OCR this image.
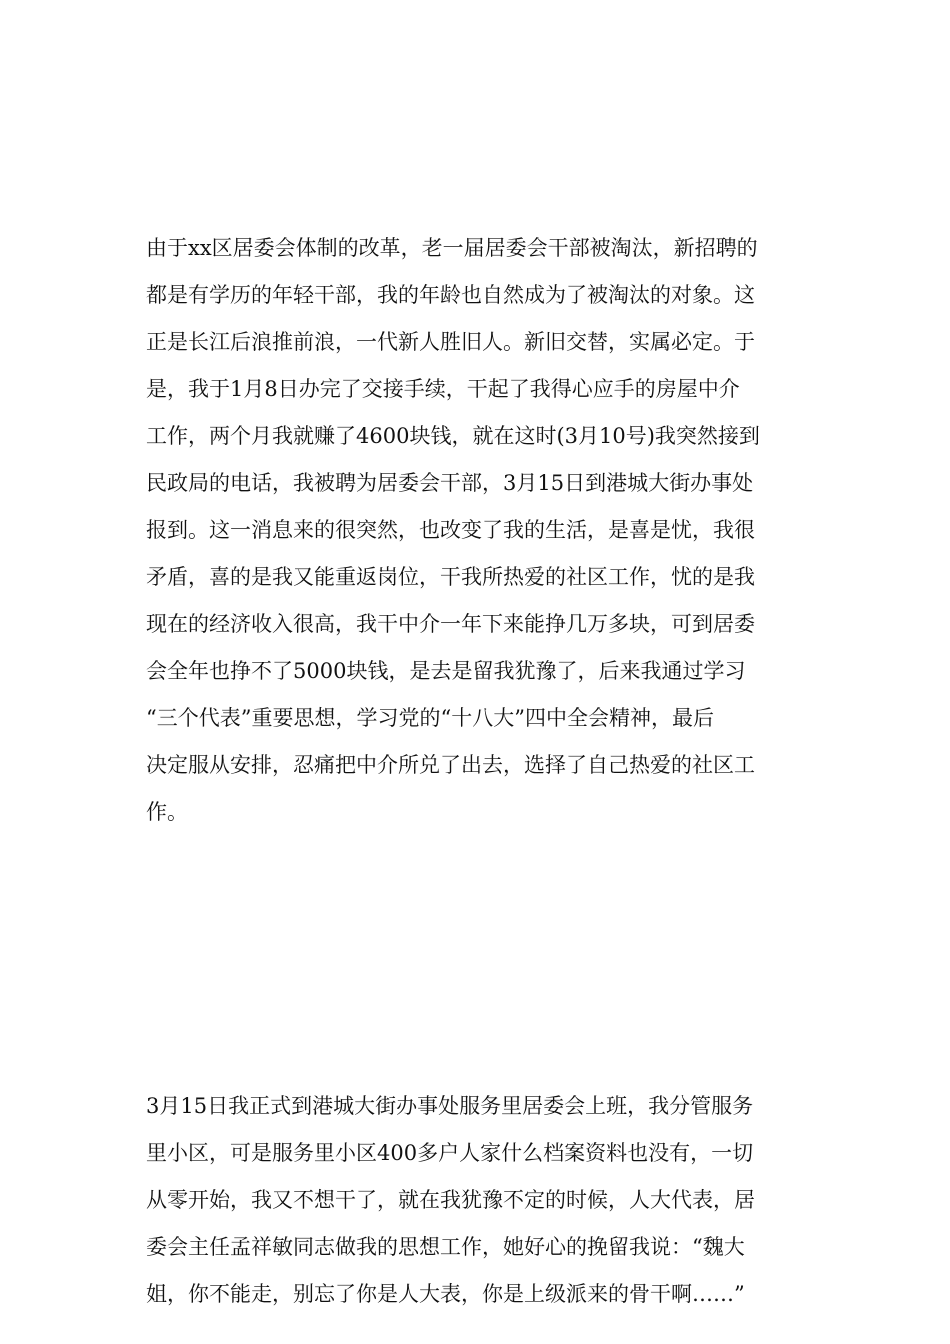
由于xx区居委会体制的改革，老一届居委会干部被淘汰，新招聘的
都是有学历的年轻干部，我的年龄也自然成为了被淘汰的对象。这
正是长江后浪推前浪，一代新人胜旧人。新旧交替，实属必定。于
是，我于1月8日办完了交接手续，干起了我得心应手的房屋中介
工作，两个月我就赚了4600块钱，就在这时(3月10号)我突然接到
民政局的电话，我被聘为居委会干部，3月15日到港城大街办事处
报到。这一消息来的很突然，也改变了我的生活，是喜是忧，我很
矛盾，喜的是我又能重返岗位，干我所热爱的社区工作，忧的是我
现在的经济收入很高，我干中介一年下来能挣几万多块，可到居委
会全年也挣不了5000块钱，是去是留我犹豫了，后来我通过学习
“三个代表”重要思想，学习党的“十八大”四中全会精神，最后
决定服从安排，忍痛把中介所兑了出去，选择了自己热爱的社区工
作。
3月15日我正式到港城大街办事处服务里居委会上班，我分管服务
里小区，可是服务里小区400多户人家什么档案资料也没有，一切
从零开始，我又不想干了，就在我犹豫不定的时候，人大代表，居
委会主任孟祥敏同志做我的思想工作，她好心的挽留我说：“魏大
姐，你不能走，别忘了你是人大表，你是上级派来的骨干啊……”
